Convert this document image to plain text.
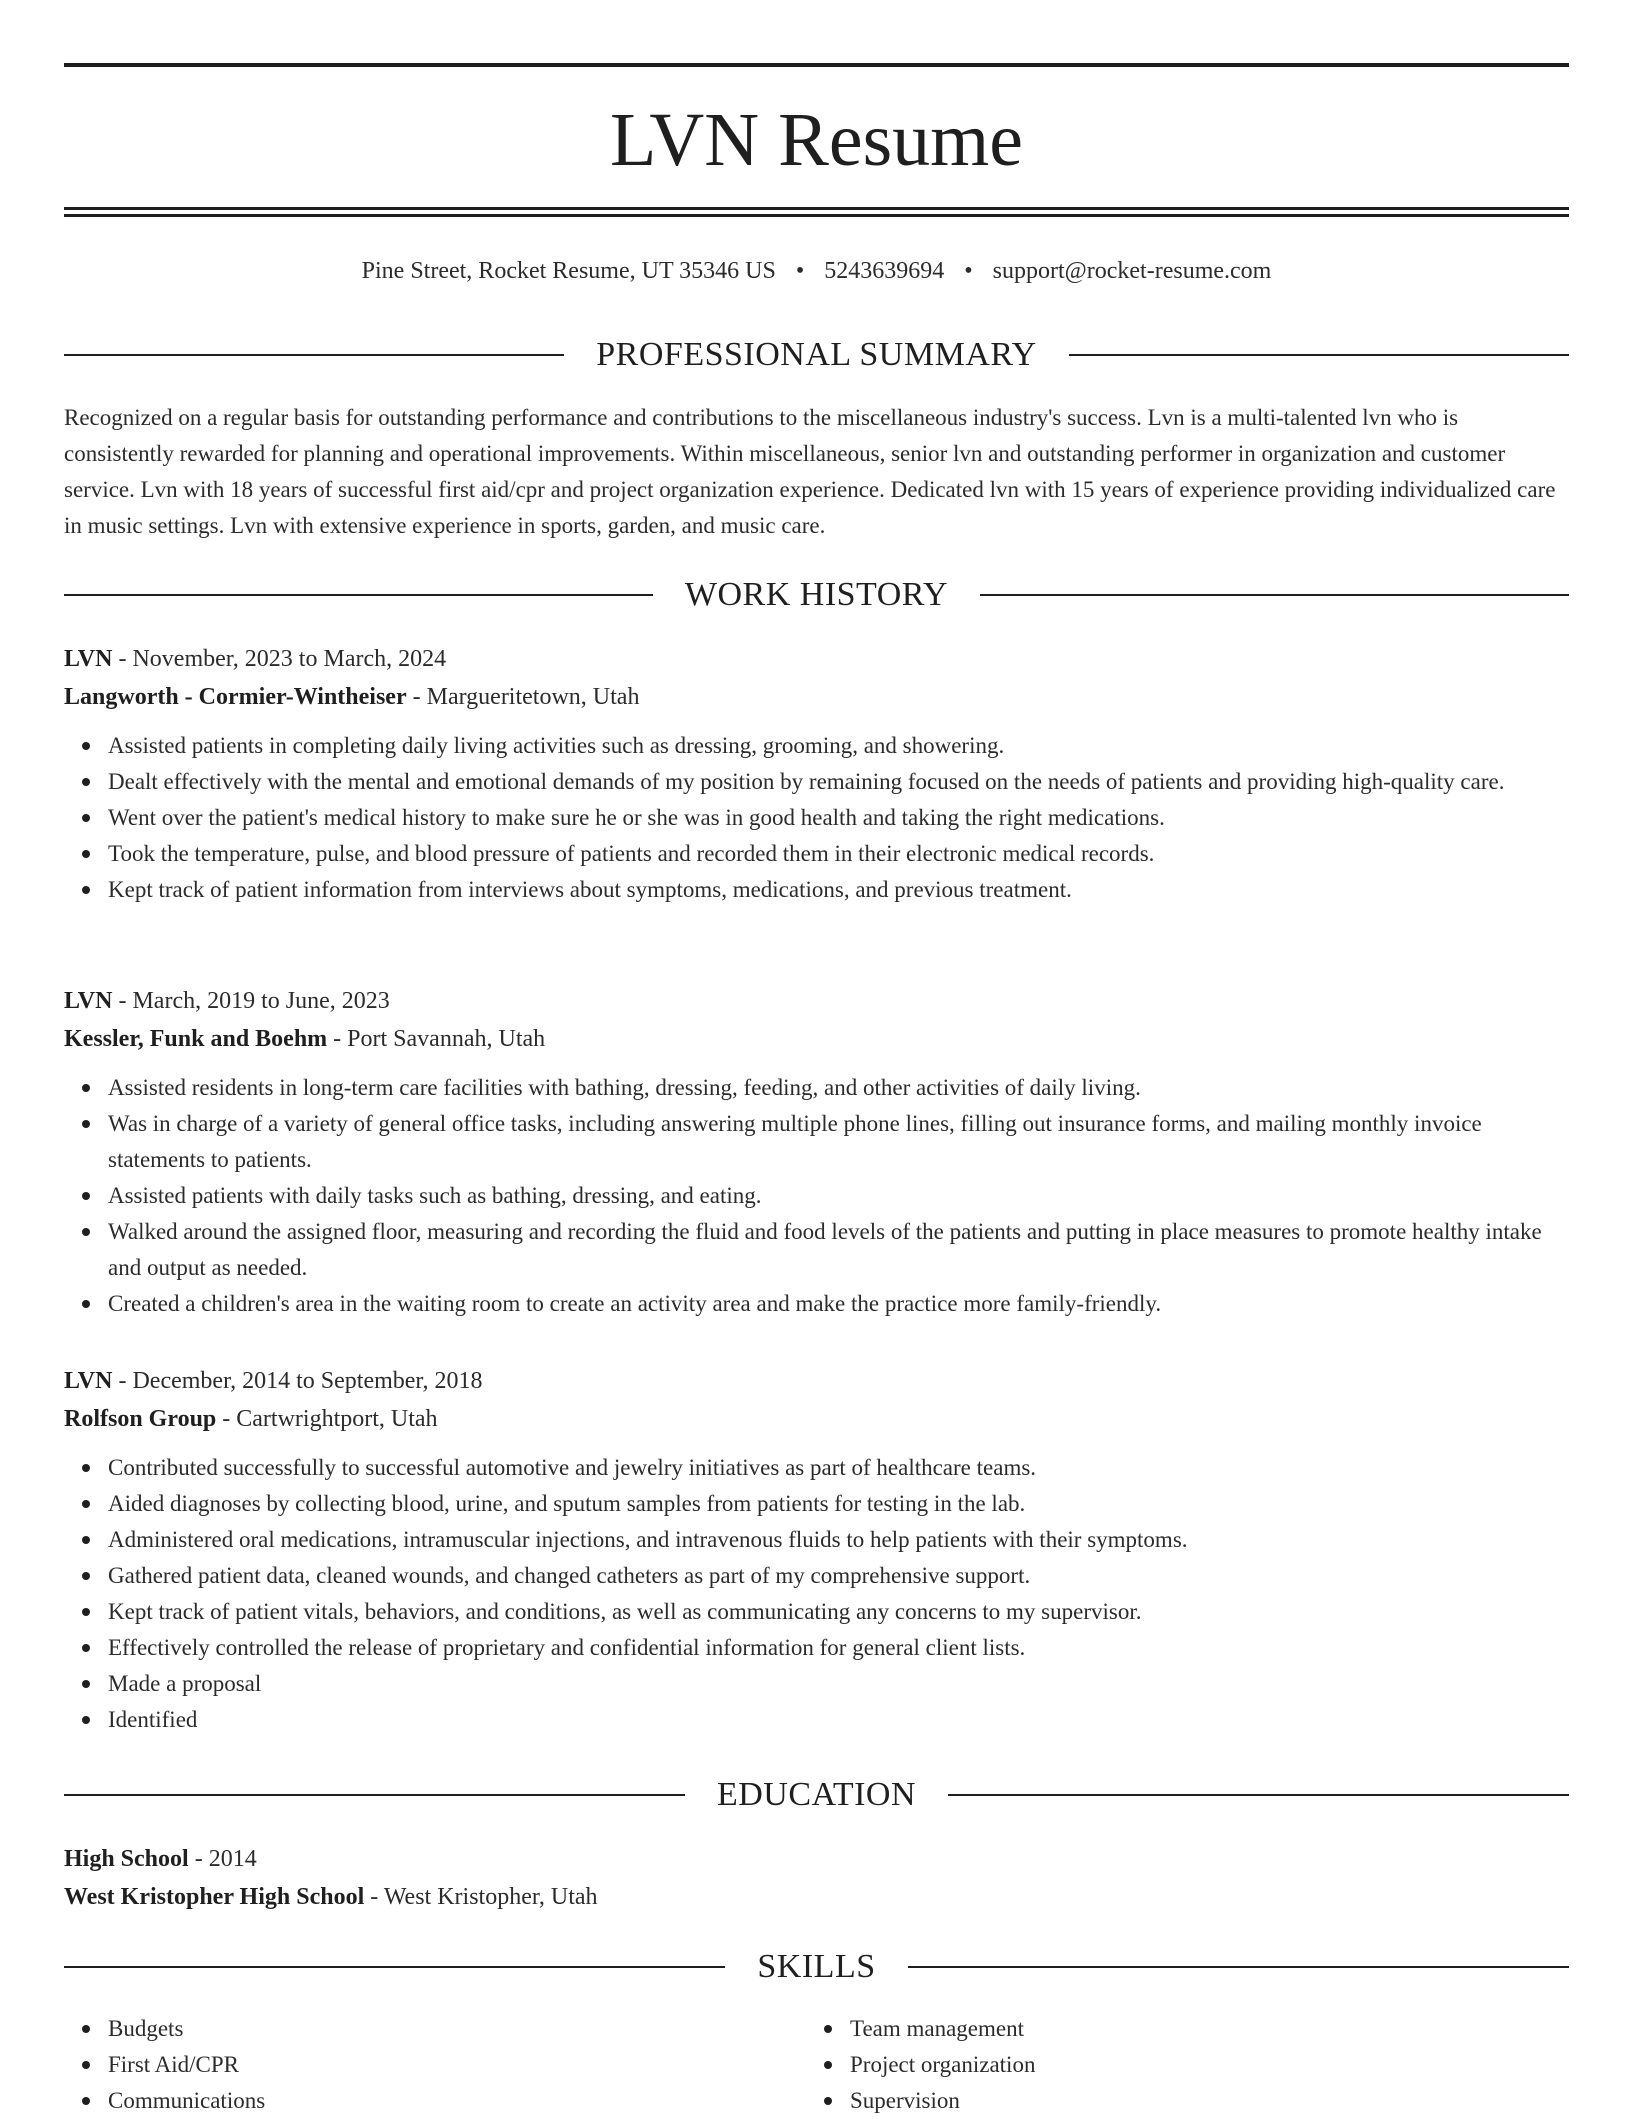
LVN Resume
Pine Street, Rocket Resume, UT 35346 US • 5243639694 • support@rocket-resume.com
PROFESSIONAL SUMMARY
Recognized on a regular basis for outstanding performance and contributions to the miscellaneous industry's success. Lvn is a multi-talented lvn who is consistently rewarded for planning and operational improvements. Within miscellaneous, senior lvn and outstanding performer in organization and customer service. Lvn with 18 years of successful first aid/cpr and project organization experience. Dedicated lvn with 15 years of experience providing individualized care in music settings. Lvn with extensive experience in sports, garden, and music care.
WORK HISTORY
LVN - November, 2023 to March, 2024
Langworth - Cormier-Wintheiser - Margueritetown, Utah
Assisted patients in completing daily living activities such as dressing, grooming, and showering.
Dealt effectively with the mental and emotional demands of my position by remaining focused on the needs of patients and providing high-quality care.
Went over the patient's medical history to make sure he or she was in good health and taking the right medications.
Took the temperature, pulse, and blood pressure of patients and recorded them in their electronic medical records.
Kept track of patient information from interviews about symptoms, medications, and previous treatment.
LVN - March, 2019 to June, 2023
Kessler, Funk and Boehm - Port Savannah, Utah
Assisted residents in long-term care facilities with bathing, dressing, feeding, and other activities of daily living.
Was in charge of a variety of general office tasks, including answering multiple phone lines, filling out insurance forms, and mailing monthly invoice statements to patients.
Assisted patients with daily tasks such as bathing, dressing, and eating.
Walked around the assigned floor, measuring and recording the fluid and food levels of the patients and putting in place measures to promote healthy intake and output as needed.
Created a children's area in the waiting room to create an activity area and make the practice more family-friendly.
LVN - December, 2014 to September, 2018
Rolfson Group - Cartwrightport, Utah
Contributed successfully to successful automotive and jewelry initiatives as part of healthcare teams.
Aided diagnoses by collecting blood, urine, and sputum samples from patients for testing in the lab.
Administered oral medications, intramuscular injections, and intravenous fluids to help patients with their symptoms.
Gathered patient data, cleaned wounds, and changed catheters as part of my comprehensive support.
Kept track of patient vitals, behaviors, and conditions, as well as communicating any concerns to my supervisor.
Effectively controlled the release of proprietary and confidential information for general client lists.
Made a proposal
Identified
EDUCATION
High School - 2014
West Kristopher High School - West Kristopher, Utah
SKILLS
Budgets
First Aid/CPR
Communications
Team management
Project organization
Supervision
